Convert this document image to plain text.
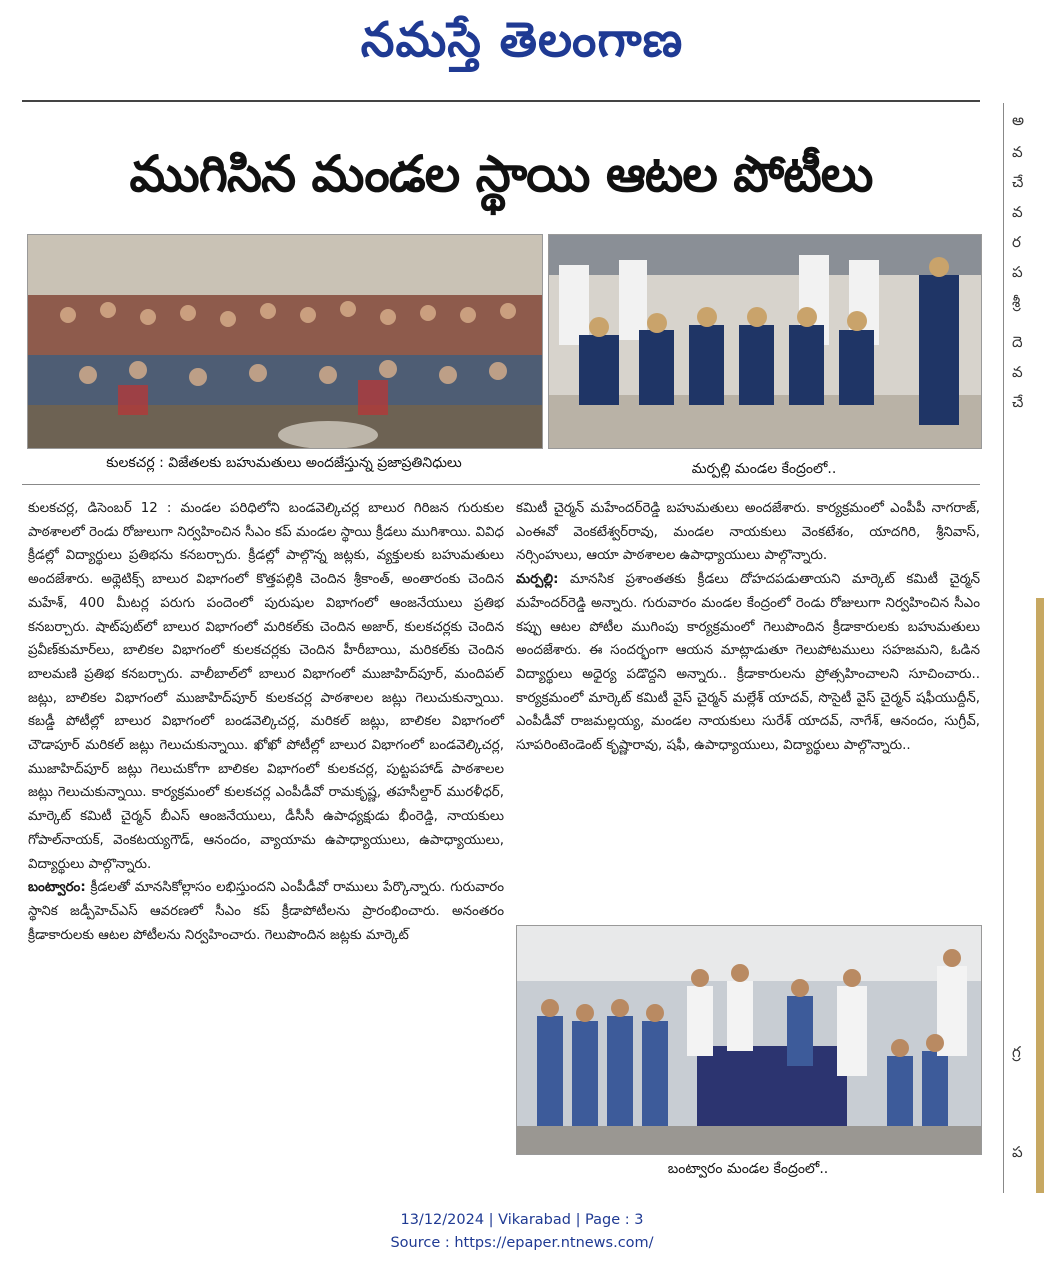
నమస్తే తెలంగాణ
ముగిసిన మండల స్థాయి ఆటల పోటీలు
కులకచర్ల : విజేతలకు బహుమతులు అందజేస్తున్న ప్రజాప్రతినిధులు	మర్పల్లి మండల కేంద్రంలో..

కులకచర్ల, డిసెంబర్ 12 : మండల పరిధిలోని బండవెల్కిచర్ల బాలుర గిరిజన గురుకుల పాఠశాలలో రెండు రోజులుగా నిర్వహించిన సీఎం కప్ మండల స్థాయి క్రీడలు ముగిశాయి. వివిధ క్రీడల్లో విద్యార్థులు ప్రతిభను కనబర్చారు. క్రీడల్లో పాల్గొన్న జట్లకు, వ్యక్తులకు బహుమతులు అందజేశారు. అథ్లెటిక్స్ బాలుర విభాగంలో కొత్తపల్లికి చెందిన శ్రీకాంత్, అంతారంకు చెందిన మహేశ్, 400 మీటర్ల పరుగు పందెంలో పురుషుల విభాగంలో ఆంజనేయులు ప్రతిభ కనబర్చారు. షాట్‌పుట్‌లో బాలుర విభాగంలో మరికల్‌కు చెందిన అజార్, కులకచర్లకు చెందిన ప్రవీణ్‌కుమార్‌లు, బాలికల విభాగంలో కులకచర్లకు చెందిన హీరీబాయి, మరికల్‌కు చెందిన బాలమణి ప్రతిభ కనబర్చారు. వాలీబాల్‌లో బాలుర విభాగంలో ముజాహిద్‌పూర్, మందిపల్ జట్లు, బాలికల విభాగంలో ముజాహిద్‌పూర్ కులకచర్ల పాఠశాలల జట్లు గెలుచుకున్నాయి. కబడ్డీ పోటీల్లో బాలుర విభాగంలో బండవెల్కిచర్ల, మరికల్ జట్లు, బాలికల విభాగంలో చౌడాపూర్ మరికల్ జట్లు గెలుచుకున్నాయి. ఖోఖో పోటీల్లో బాలుర విభాగంలో బండవెల్కిచర్ల, ముజాహిద్‌పూర్ జట్లు గెలుచుకోగా బాలికల విభాగంలో కులకచర్ల, పుట్టపహాడ్ పాఠశాలల జట్లు గెలుచుకున్నాయి. కార్యక్రమంలో కులకచర్ల ఎంపీడీవో రామకృష్ణ, తహసీల్దార్ మురళీధర్, మార్కెట్ కమిటీ చైర్మన్ బీఎస్ ఆంజనేయులు, డీసీసీ ఉపాధ్యక్షుడు భీంరెడ్డి, నాయకులు గోపాల్‌నాయక్, వెంకటయ్యగౌడ్, ఆనందం, వ్యాయామ ఉపాధ్యాయులు, ఉపాధ్యాయులు, విద్యార్థులు పాల్గొన్నారు.

బంట్వారం: క్రీడలతో మానసికోల్లాసం లభిస్తుందని ఎంపీడీవో రాములు పేర్కొన్నారు. గురువారం స్థానిక జడ్పీహెచ్‌ఎస్ ఆవరణలో సీఎం కప్ క్రీడాపోటీలను ప్రారంభించారు. అనంతరం క్రీడాకారులకు ఆటల పోటీలను నిర్వహించారు. గెలుపొందిన జట్లకు మార్కెట్

కమిటీ చైర్మన్ మహేందర్‌రెడ్డి బహుమతులు అందజేశారు. కార్యక్రమంలో ఎంపీపీ నాగరాజ్, ఎంఈవో వెంకటేశ్వర్‌రావు, మండల నాయకులు వెంకటేశం, యాదగిరి, శ్రీనివాస్, నర్సింహులు, ఆయా పాఠశాలల ఉపాధ్యాయులు పాల్గొన్నారు.

మర్పల్లి: మానసిక ప్రశాంతతకు క్రీడలు దోహదపడుతాయని మార్కెట్ కమిటీ చైర్మన్ మహేందర్‌రెడ్డి అన్నారు. గురువారం మండల కేంద్రంలో రెండు రోజులుగా నిర్వహించిన సీఎం కప్పు ఆటల పోటీల ముగింపు కార్యక్రమంలో గెలుపొందిన క్రీడాకారులకు బహుమతులు అందజేశారు. ఈ సందర్భంగా ఆయన మాట్లాడుతూ గెలుపోటములు సహజమని, ఓడిన విద్యార్థులు అధైర్య పడొద్దని అన్నారు.. క్రీడాకారులను ప్రోత్సహించాలని సూచించారు.. కార్యక్రమంలో మార్కెట్ కమిటీ వైస్ చైర్మన్ మల్లేశ్ యాదవ్, సొసైటీ వైస్ చైర్మన్ షఫీయుద్దీన్, ఎంపీడీవో రాజమల్లయ్య, మండల నాయకులు సురేశ్ యాదవ్, నాగేశ్, ఆనందం, సుగ్రీవ్, సూపరింటెండెంట్ కృష్ణారావు, షఫీ, ఉపాధ్యాయులు, విద్యార్థులు పాల్గొన్నారు..

బంట్వారం మండల కేంద్రంలో..
అ
వ
చే
వ
ర
ప
శ్రీ
దె
వ
చే
గ్ర
ప
13/12/2024 | Vikarabad | Page : 3
Source : https://epaper.ntnews.com/
